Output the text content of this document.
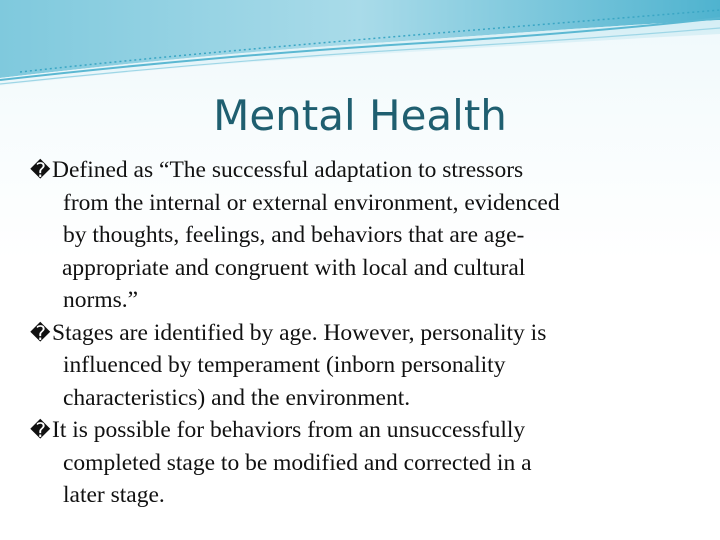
Mental Health
� Defined as “The successful adaptation to stressors
from the internal or external environment, evidenced
by thoughts, feelings, and behaviors that are age-
appropriate and congruent with local and cultural
norms.”
� Stages are identified by age. However, personality is
influenced by temperament (inborn personality
characteristics) and the environment.
� It is possible for behaviors from an unsuccessfully
completed stage to be modified and corrected in a
later stage.
